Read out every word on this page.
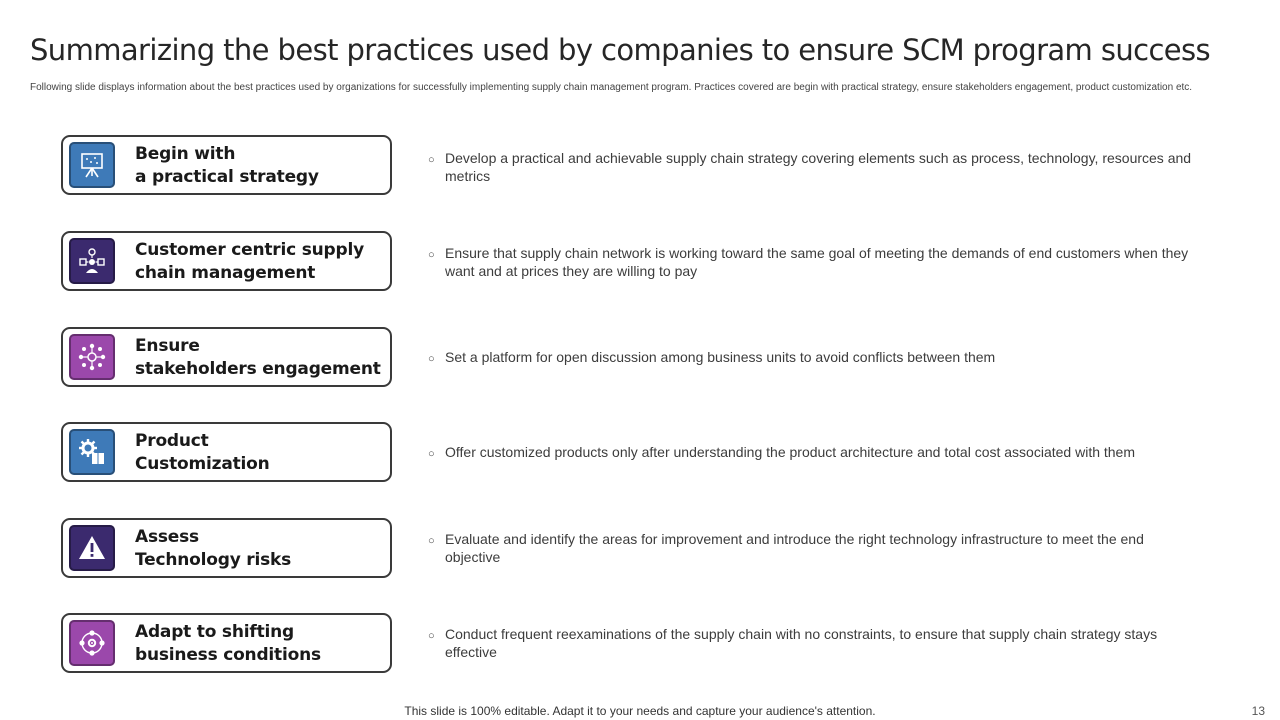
Summarizing the best practices used by companies to ensure SCM program success
Following slide displays information about the best practices used by organizations for successfully implementing supply chain management program. Practices covered are begin with practical strategy, ensure stakeholders engagement, product customization etc.
Begin with
a practical strategy
○ Develop a practical and achievable supply chain strategy covering elements such as process, technology, resources and metrics
Customer centric supply
chain management
○ Ensure that supply chain network is working toward the same goal of meeting the demands of end customers when they want and at prices they are willing to pay
Ensure
stakeholders engagement	○ Set a platform for open discussion among business units to avoid conflicts between them
Product
Customization	○ Offer customized products only after understanding the product architecture and total cost associated with them
Assess
Technology risks
○ Evaluate and identify the areas for improvement and introduce the right technology infrastructure to meet the end objective
Adapt to shifting
business conditions
○ Conduct frequent reexaminations of the supply chain with no constraints, to ensure that supply chain strategy stays effective
This slide is 100% editable. Adapt it to your needs and capture your audience's attention.	13
